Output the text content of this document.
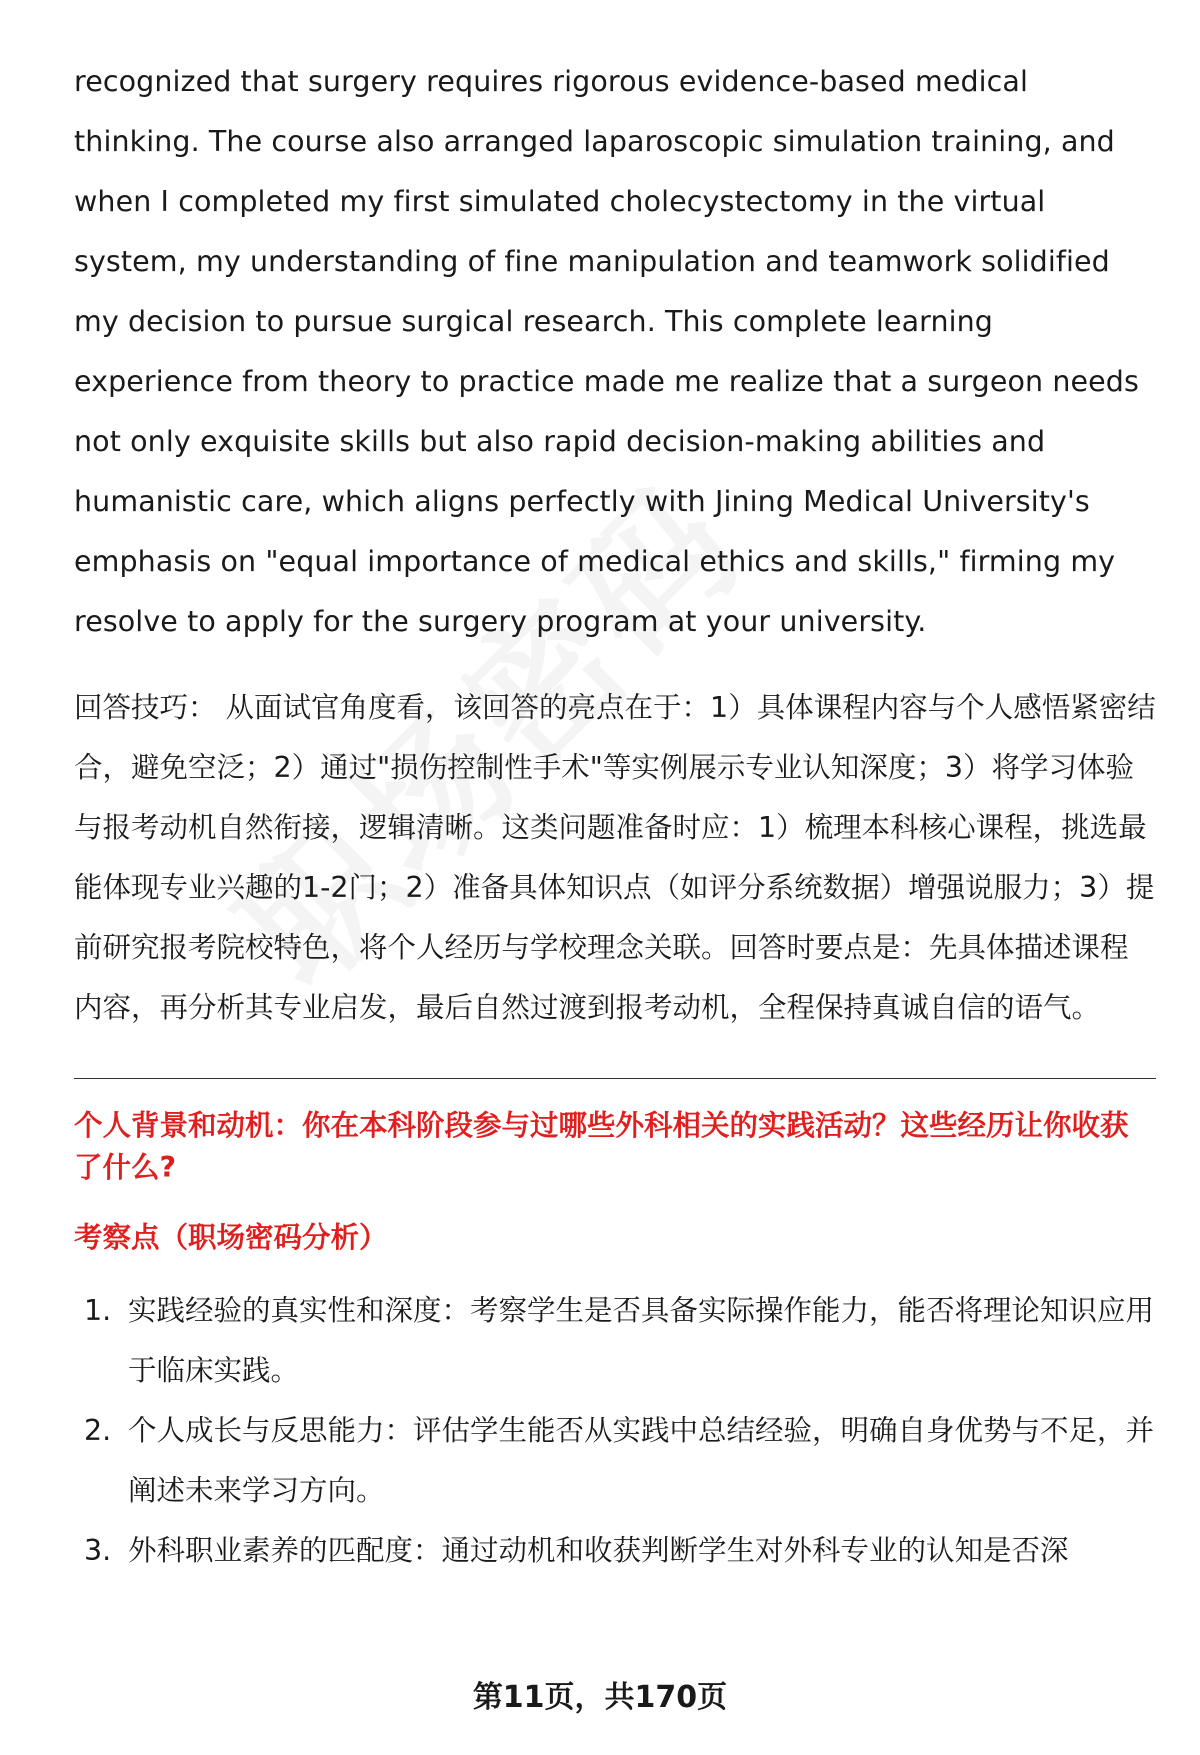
recognized that surgery requires rigorous evidence-based medical thinking. The course also arranged laparoscopic simulation training, and when I completed my first simulated cholecystectomy in the virtual system, my understanding of fine manipulation and teamwork solidified my decision to pursue surgical research. This complete learning experience from theory to practice made me realize that a surgeon needs not only exquisite skills but also rapid decision-making abilities and humanistic care, which aligns perfectly with Jining Medical University's emphasis on "equal importance of medical ethics and skills," firming my resolve to apply for the surgery program at your university.

回答技巧： 从面试官角度看，该回答的亮点在于：1）具体课程内容与个人感悟紧密结合，避免空泛；2）通过"损伤控制性手术"等实例展示专业认知深度；3）将学习体验与报考动机自然衔接，逻辑清晰。这类问题准备时应：1）梳理本科核心课程，挑选最能体现专业兴趣的1-2门；2）准备具体知识点（如评分系统数据）增强说服力；3）提前研究报考院校特色，将个人经历与学校理念关联。回答时要点是：先具体描述课程内容，再分析其专业启发，最后自然过渡到报考动机，全程保持真诚自信的语气。

个人背景和动机：你在本科阶段参与过哪些外科相关的实践活动？这些经历让你收获了什么?
考察点（职场密码分析）
1. 实践经验的真实性和深度：考察学生是否具备实际操作能力，能否将理论知识应用于临床实践。
2. 个人成长与反思能力：评估学生能否从实践中总结经验，明确自身优势与不足，并阐述未来学习方向。
3. 外科职业素养的匹配度：通过动机和收获判断学生对外科专业的认知是否深
第11页，共170页
